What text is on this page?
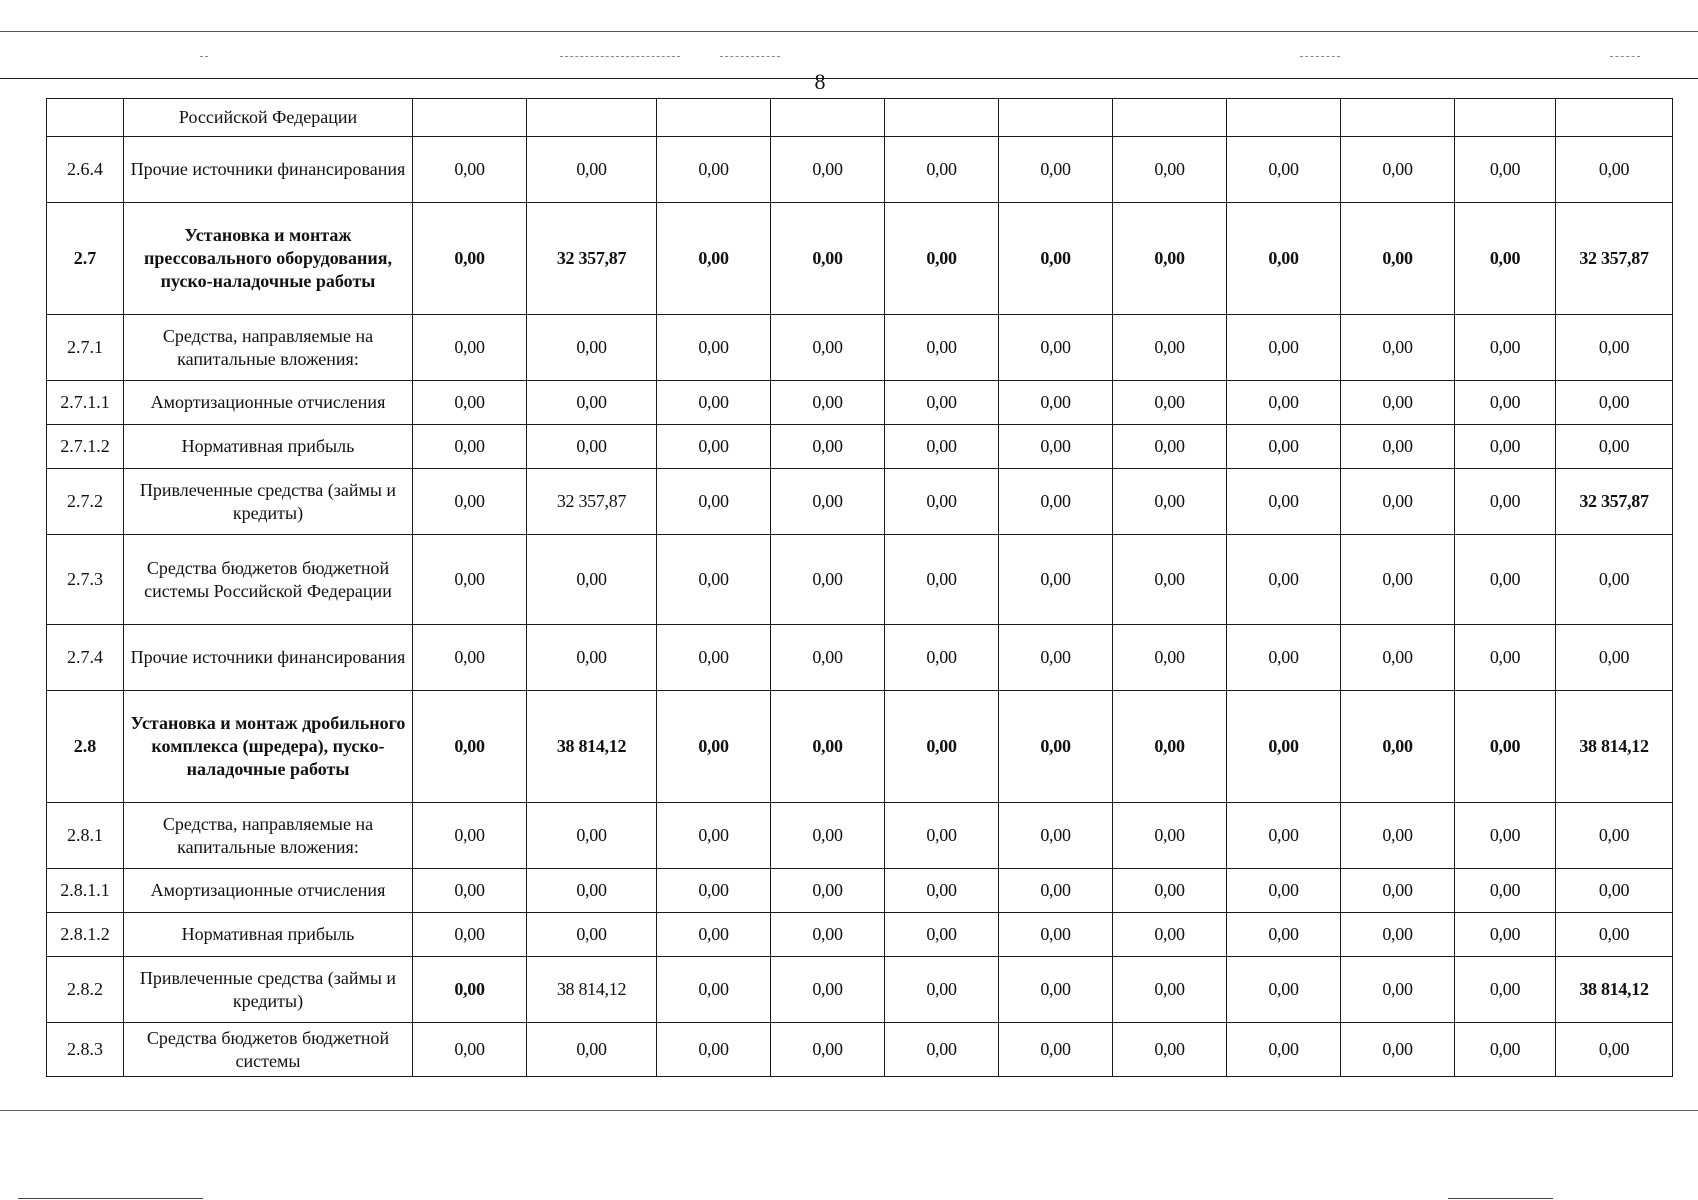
8
	Российской Федерации											
2.6.4	Прочие источники финансирования	0,00	0,00	0,00	0,00	0,00	0,00	0,00	0,00	0,00	0,00	0,00
2.7	Установка и монтаж прессовального оборудования, пуско-наладочные работы	0,00	32 357,87	0,00	0,00	0,00	0,00	0,00	0,00	0,00	0,00	32 357,87
2.7.1	Средства, направляемые на капитальные вложения:	0,00	0,00	0,00	0,00	0,00	0,00	0,00	0,00	0,00	0,00	0,00
2.7.1.1	Амортизационные отчисления	0,00	0,00	0,00	0,00	0,00	0,00	0,00	0,00	0,00	0,00	0,00
2.7.1.2	Нормативная прибыль	0,00	0,00	0,00	0,00	0,00	0,00	0,00	0,00	0,00	0,00	0,00
2.7.2	Привлеченные средства (займы и кредиты)	0,00	32 357,87	0,00	0,00	0,00	0,00	0,00	0,00	0,00	0,00	32 357,87
2.7.3	Средства бюджетов бюджетной системы Российской Федерации	0,00	0,00	0,00	0,00	0,00	0,00	0,00	0,00	0,00	0,00	0,00
2.7.4	Прочие источники финансирования	0,00	0,00	0,00	0,00	0,00	0,00	0,00	0,00	0,00	0,00	0,00
2.8	Установка и монтаж дробильного комплекса (шредера), пуско-наладочные работы	0,00	38 814,12	0,00	0,00	0,00	0,00	0,00	0,00	0,00	0,00	38 814,12
2.8.1	Средства, направляемые на капитальные вложения:	0,00	0,00	0,00	0,00	0,00	0,00	0,00	0,00	0,00	0,00	0,00
2.8.1.1	Амортизационные отчисления	0,00	0,00	0,00	0,00	0,00	0,00	0,00	0,00	0,00	0,00	0,00
2.8.1.2	Нормативная прибыль	0,00	0,00	0,00	0,00	0,00	0,00	0,00	0,00	0,00	0,00	0,00
2.8.2	Привлеченные средства (займы и кредиты)	0,00	38 814,12	0,00	0,00	0,00	0,00	0,00	0,00	0,00	0,00	38 814,12
2.8.3	Средства бюджетов бюджетной системы	0,00	0,00	0,00	0,00	0,00	0,00	0,00	0,00	0,00	0,00	0,00
